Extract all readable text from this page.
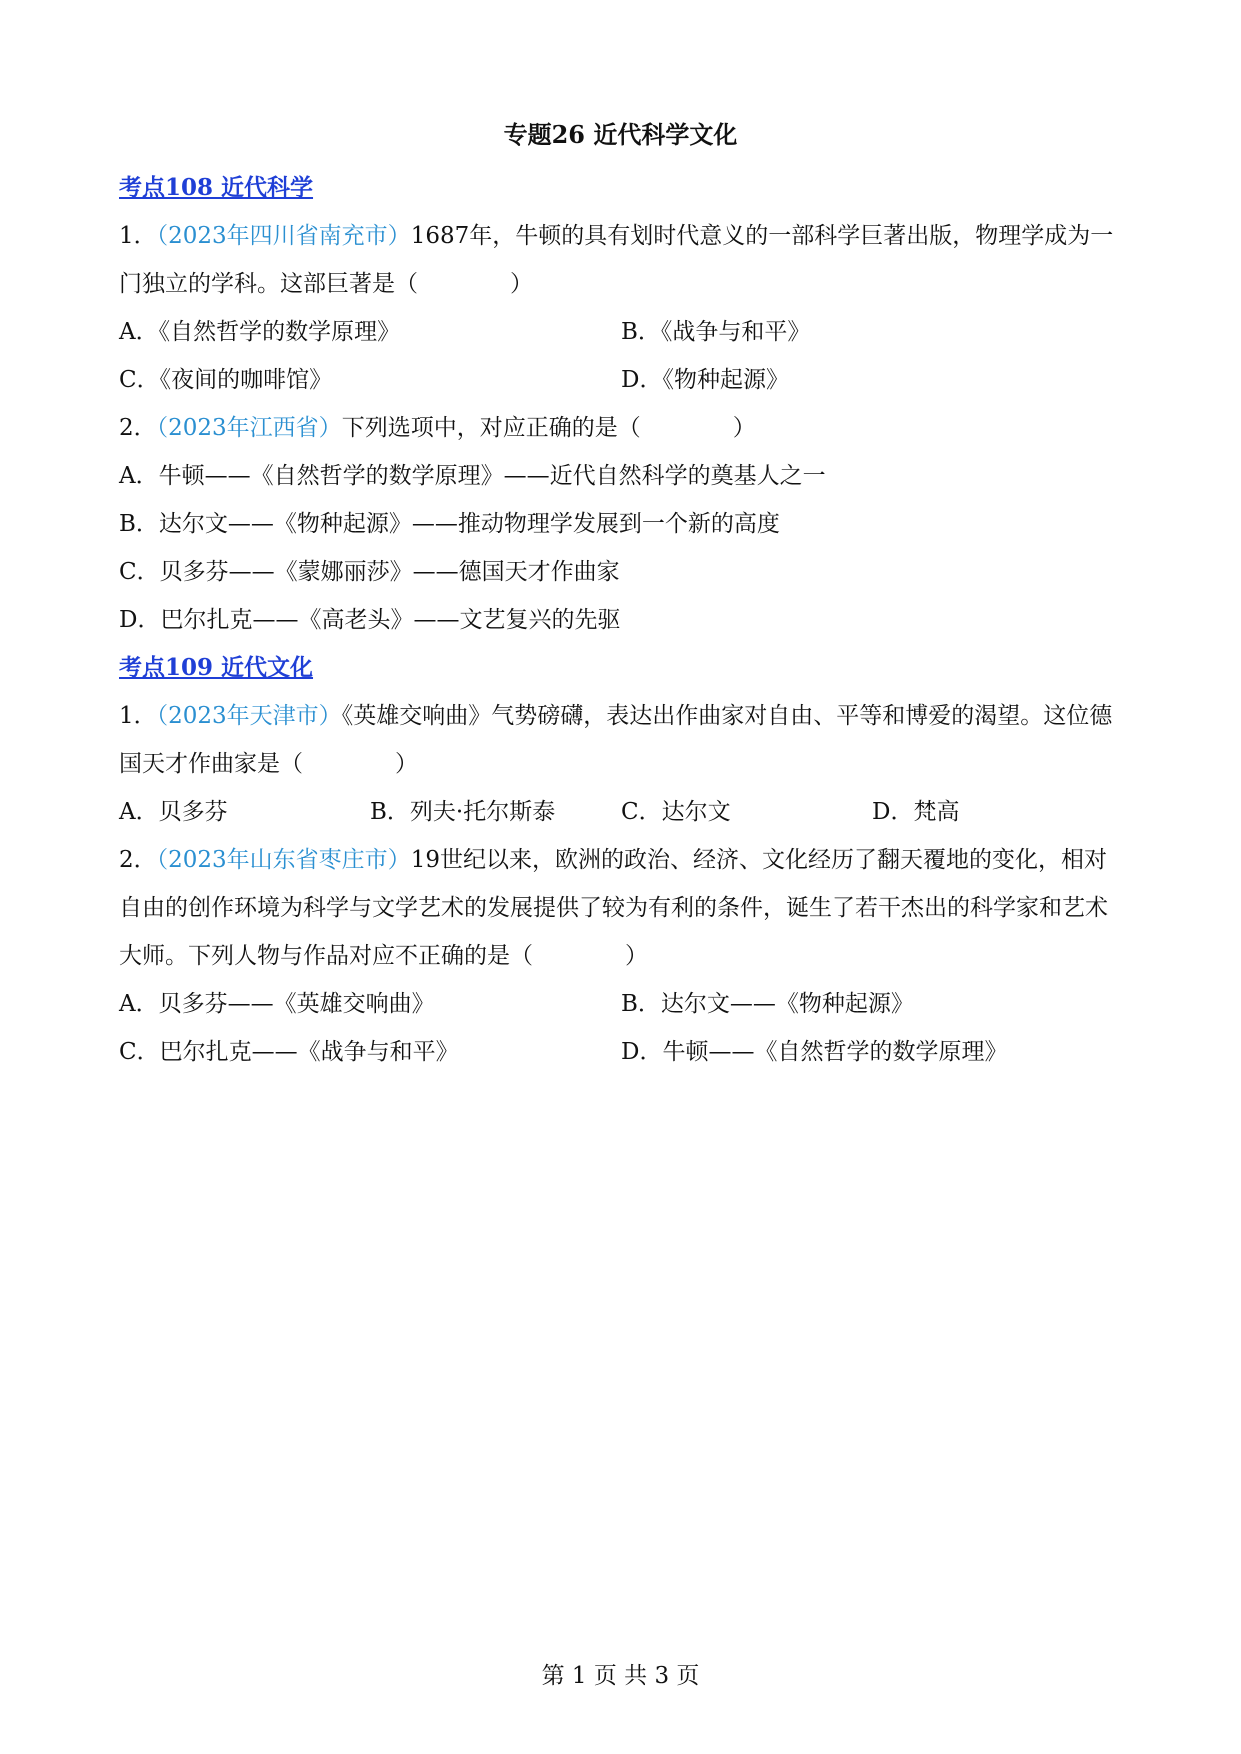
专题26 近代科学文化
考点108 近代科学
1．（2023年四川省南充市）1687年，牛顿的具有划时代意义的一部科学巨著出版，物理学成为一门独立的学科。这部巨著是（　　　　）
A．《自然哲学的数学原理》	B．《战争与和平》
C．《夜间的咖啡馆》	D．《物种起源》
2．（2023年江西省）下列选项中，对应正确的是（　　　　）
A．牛顿——《自然哲学的数学原理》——近代自然科学的奠基人之一
B．达尔文——《物种起源》——推动物理学发展到一个新的高度
C．贝多芬——《蒙娜丽莎》——德国天才作曲家
D．巴尔扎克——《高老头》——文艺复兴的先驱
考点109 近代文化
1．（2023年天津市）《英雄交响曲》气势磅礴，表达出作曲家对自由、平等和博爱的渴望。这位德国天才作曲家是（　　　　）
A．贝多芬	B．列夫·托尔斯泰	C．达尔文	D．梵高
2．（2023年山东省枣庄市）19世纪以来，欧洲的政治、经济、文化经历了翻天覆地的变化，相对自由的创作环境为科学与文学艺术的发展提供了较为有利的条件，诞生了若干杰出的科学家和艺术大师。下列人物与作品对应不正确的是（　　　　）
A．贝多芬——《英雄交响曲》	B．达尔文——《物种起源》
C．巴尔扎克——《战争与和平》	D．牛顿——《自然哲学的数学原理》
第 1 页 共 3 页
